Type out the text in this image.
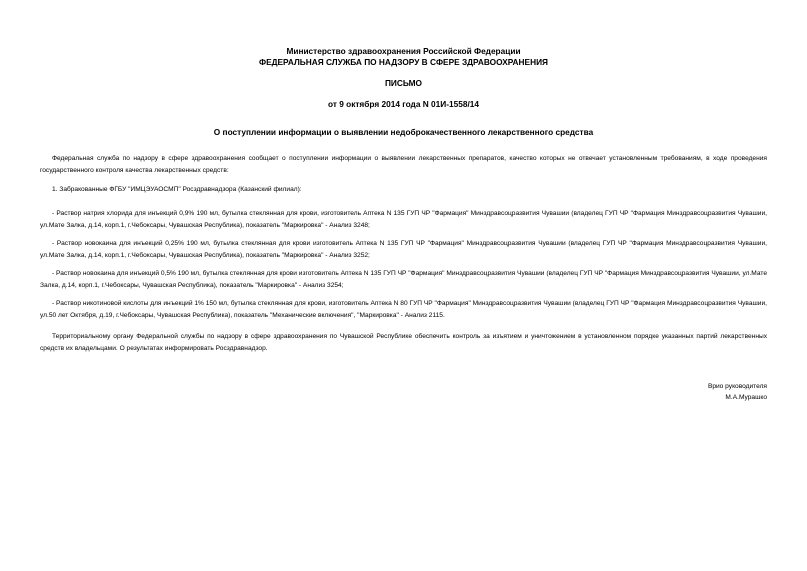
Министерство здравоохранения Российской Федерации
ФЕДЕРАЛЬНАЯ СЛУЖБА ПО НАДЗОРУ В СФЕРЕ ЗДРАВООХРАНЕНИЯ
ПИСЬМО
от 9 октября 2014 года N 01И-1558/14
О поступлении информации о выявлении недоброкачественного лекарственного средства

Федеральная служба по надзору в сфере здравоохранения сообщает о поступлении информации о выявлении лекарственных препаратов, качество которых не отвечает установленным требованиям, в ходе проведения государственного контроля качества лекарственных средств:

1. Забракованные ФГБУ "ИМЦЭУАОСМП" Росздравнадзора (Казанский филиал):

- Раствор натрия хлорида для инъекций 0,9% 190 мл, бутылка стеклянная для крови, изготовитель Аптека N 135 ГУП ЧР "Фармация" Минздравсоцразвития Чувашии (владелец ГУП ЧР "Фармация Минздравсоцразвития Чувашии, ул.Мате Залка, д.14, корп.1, г.Чебоксары, Чувашская Республика), показатель "Маркировка" - Анализ 3248;

- Раствор новокаина для инъекций 0,25% 190 мл, бутылка стеклянная для крови изготовитель Аптека N 135 ГУП ЧР "Фармация" Минздравсоцразвития Чувашии (владелец ГУП ЧР "Фармация Минздравсоцразвития Чувашии, ул.Мате Залка, д.14, корп.1, г.Чебоксары, Чувашская Республика), показатель "Маркировка" - Анализ 3252;

- Раствор новокаина для инъекций 0,5% 190 мл, бутылка стеклянная для крови изготовитель Аптека N 135 ГУП ЧР "Фармация" Минздравсоцразвития Чувашии (владелец ГУП ЧР "Фармация Минздравсоцразвития Чувашии, ул.Мате Залка, д.14, корп.1, г.Чебоксары, Чувашская Республика), показатель "Маркировка" - Анализ 3254;

- Раствор никотиновой кислоты для инъекций 1% 150 мл, бутылка стеклянная для крови, изготовитель Аптека N 80 ГУП ЧР "Фармация" Минздравсоцразвития Чувашии (владелец ГУП ЧР "Фармация Минздравсоцразвития Чувашии, ул.50 лет Октября, д.19, г.Чебоксары, Чувашская Республика), показатель "Механические включения", "Маркировка" - Анализ 2115.

Территориальному органу Федеральной службы по надзору в сфере здравоохранения по Чувашской Республике обеспечить контроль за изъятием и уничтожением в установленном порядке указанных партий лекарственных средств их владельцами. О результатах информировать Росздравнадзор.

Врио руководителя
М.А.Мурашко
